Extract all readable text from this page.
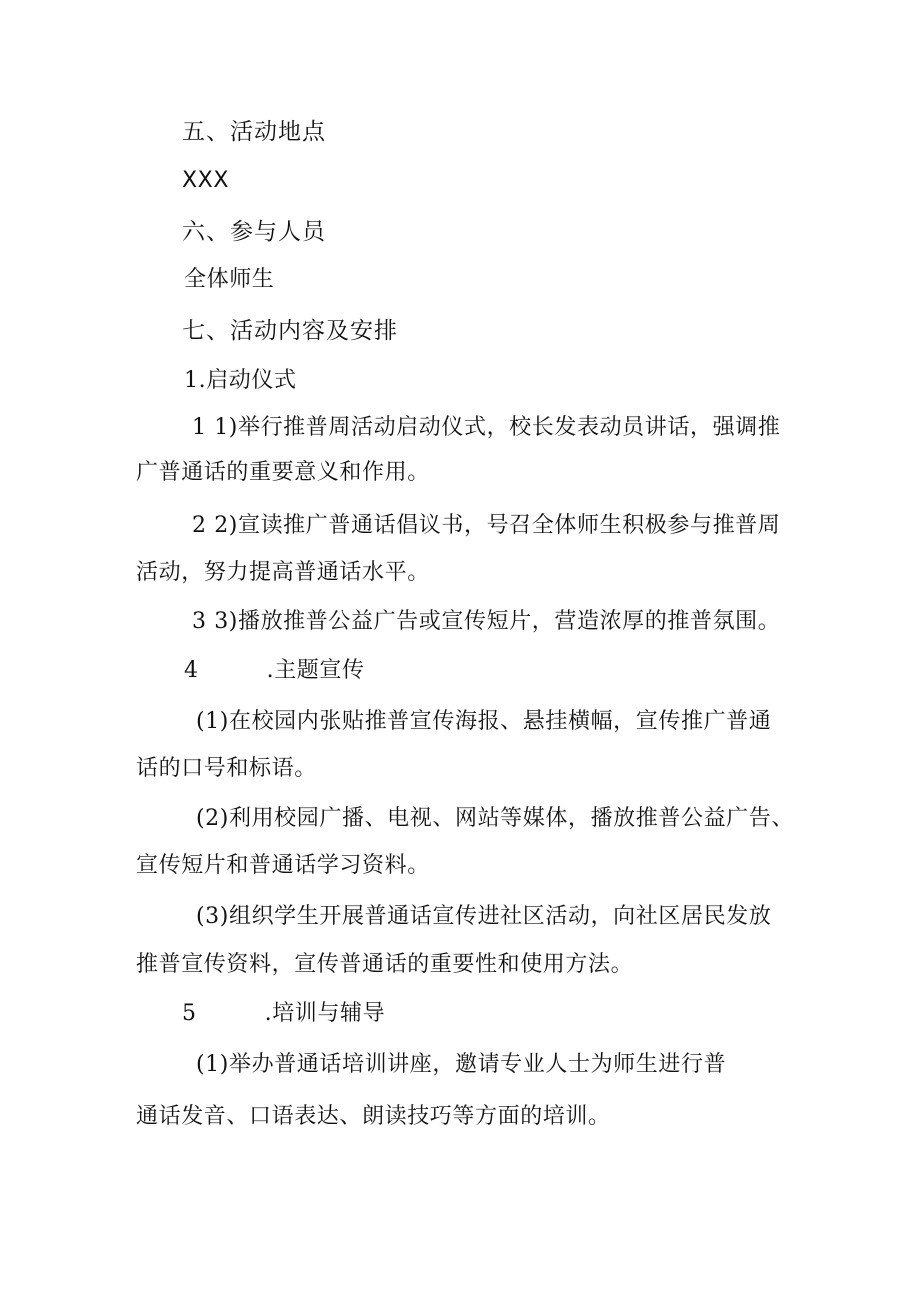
五、活动地点
XXX
六、参与人员
全体师生
七、活动内容及安排
1.启动仪式
1 1)举行推普周活动启动仪式，校长发表动员讲话，强调推
广普通话的重要意义和作用。
2 2)宣读推广普通话倡议书，号召全体师生积极参与推普周
活动，努力提高普通话水平。
3 3)播放推普公益广告或宣传短片，营造浓厚的推普氛围。
4	.主题宣传
(1)在校园内张贴推普宣传海报、悬挂横幅，宣传推广普通
话的口号和标语。
(2)利用校园广播、电视、网站等媒体，播放推普公益广告、
宣传短片和普通话学习资料。
(3)组织学生开展普通话宣传进社区活动，向社区居民发放
推普宣传资料，宣传普通话的重要性和使用方法。
5	.培训与辅导
(1)举办普通话培训讲座，邀请专业人士为师生进行普
通话发音、口语表达、朗读技巧等方面的培训。
